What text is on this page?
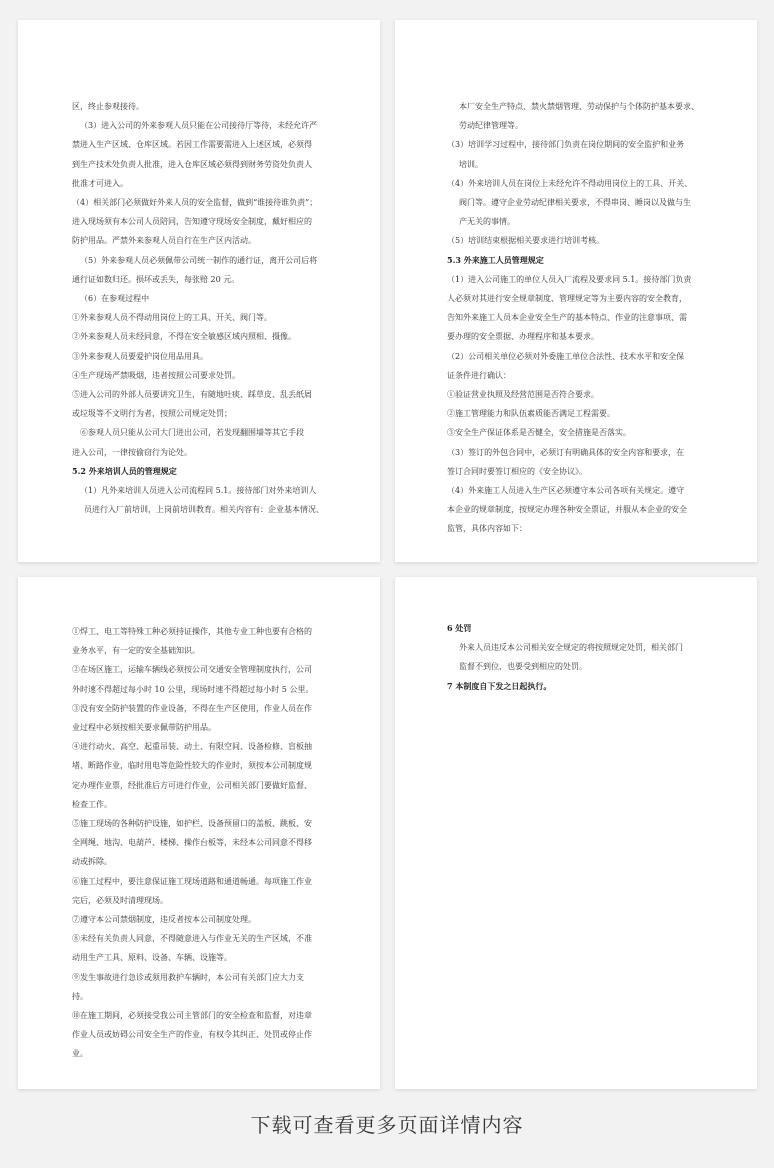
区，终止参观接待。

（3）进入公司的外来参观人员只能在公司接待厅等待，未经允许严

禁进入生产区域、仓库区域。若因工作需要需进入上述区域，必须得

到生产技术处负责人批准，进入仓库区域必须得到财务劳资处负责人

批准才可进入。

（4）相关部门必须做好外来人员的安全监督，做到“谁接待谁负责”；

进入现场须有本公司人员陪同，告知遵守现场安全制度，戴好相应的

防护用品。严禁外来参观人员自行在生产区内活动。

（5）外来参观人员必须佩带公司统一制作的通行证，离开公司后将

通行证如数归还。损坏或丢失，每张赔 20 元。

（6）在参观过程中

①外来参观人员不得动用岗位上的工具、开关、阀门等。

②外来参观人员未经同意，不得在安全敏感区域内照相、摄像。

③外来参观人员要爱护岗位用品用具。

④生产现场严禁吸烟，违者按照公司要求处罚。

⑤进入公司的外部人员要讲究卫生，有随地吐痰、踩草皮、乱丢纸屑

或垃圾等不文明行为者，按照公司规定处罚；

⑥参观人员只能从公司大门进出公司，若发现翻围墙等其它手段

进入公司，一律按偷窃行为论处。

5.2 外来培训人员的管理规定

（1）凡外来培训人员进入公司流程同 5.1。接待部门对外来培训人

员进行入厂前培训，上岗前培训教育。相关内容有：企业基本情况、

本厂安全生产特点、禁火禁烟管理、劳动保护与个体防护基本要求、

劳动纪律管理等。

（3）培训学习过程中，接待部门负责在岗位期间的安全监护和业务

培训。

（4）外来培训人员在岗位上未经允许不得动用岗位上的工具、开关、

阀门等。遵守企业劳动纪律相关要求，不得串岗、睡岗以及做与生

产无关的事情。

（5）培训结束根据相关要求进行培训考核。

5.3 外来施工人员管理规定

（1）进入公司施工的单位人员入厂流程及要求同 5.1。接待部门负责

人必须对其进行安全规章制度、管理规定等为主要内容的安全教育，

告知外来施工人员本企业安全生产的基本特点、作业的注意事项、需

要办理的安全票据、办理程序和基本要求。

（2）公司相关单位必须对外委施工单位合法性、技术水平和安全保

证条件进行确认：

①验证营业执照及经营范围是否符合要求。

②施工管理能力和队伍素质能否满足工程需要。

③安全生产保证体系是否健全，安全措施是否落实。

（3）签订的外包合同中，必须订有明确具体的安全内容和要求，在

签订合同时要签订相应的《安全协议》。

（4）外来施工人员进入生产区必须遵守本公司各项有关规定。遵守

本企业的规章制度，按规定办理各种安全票证，并服从本企业的安全

监管，具体内容如下：

①焊工、电工等特殊工种必须持证操作，其他专业工种也要有合格的

业务水平，有一定的安全基础知识。

②在场区施工，运输车辆线必须按公司交通安全管理制度执行，公司

外时速不得超过每小时 10 公里，现场时速不得超过每小时 5 公里。

③没有安全防护装置的作业设备，不得在生产区使用，作业人员在作

业过程中必须按相关要求佩带防护用品。

④进行动火、高空、起重吊装、动土、有限空间、设备检修、盲板抽

堵、断路作业，临时用电等危险性较大的作业时，须按本公司制度规

定办理作业票，经批准后方可进行作业，公司相关部门要做好监督、

检查工作。

⑤施工现场的各种防护设施，如护栏、设备预留口的盖板、跳板、安

全网绳、地沟、电葫芦、楼梯、操作台板等，未经本公司同意不得移

动或拆除。

⑥施工过程中，要注意保证施工现场道路和通道畅通。每项施工作业

完后，必须及时清理现场。

⑦遵守本公司禁烟制度，违反者按本公司制度处理。

⑧未经有关负责人同意，不得随意进入与作业无关的生产区域，不准

动用生产工具、原料、设备、车辆、设施等。

⑨发生事故进行急诊或须用救护车辆时，本公司有关部门应大力支

持。

⑩在施工期间，必须接受我公司主管部门的安全检查和监督，对违章

作业人员或妨碍公司安全生产的作业，有权令其纠正、处罚或停止作

业。

6 处罚

外来人员违反本公司相关安全规定的将按照规定处罚，相关部门

监督不到位，也要受到相应的处罚。

7 本制度自下发之日起执行。

下载可查看更多页面详情内容
